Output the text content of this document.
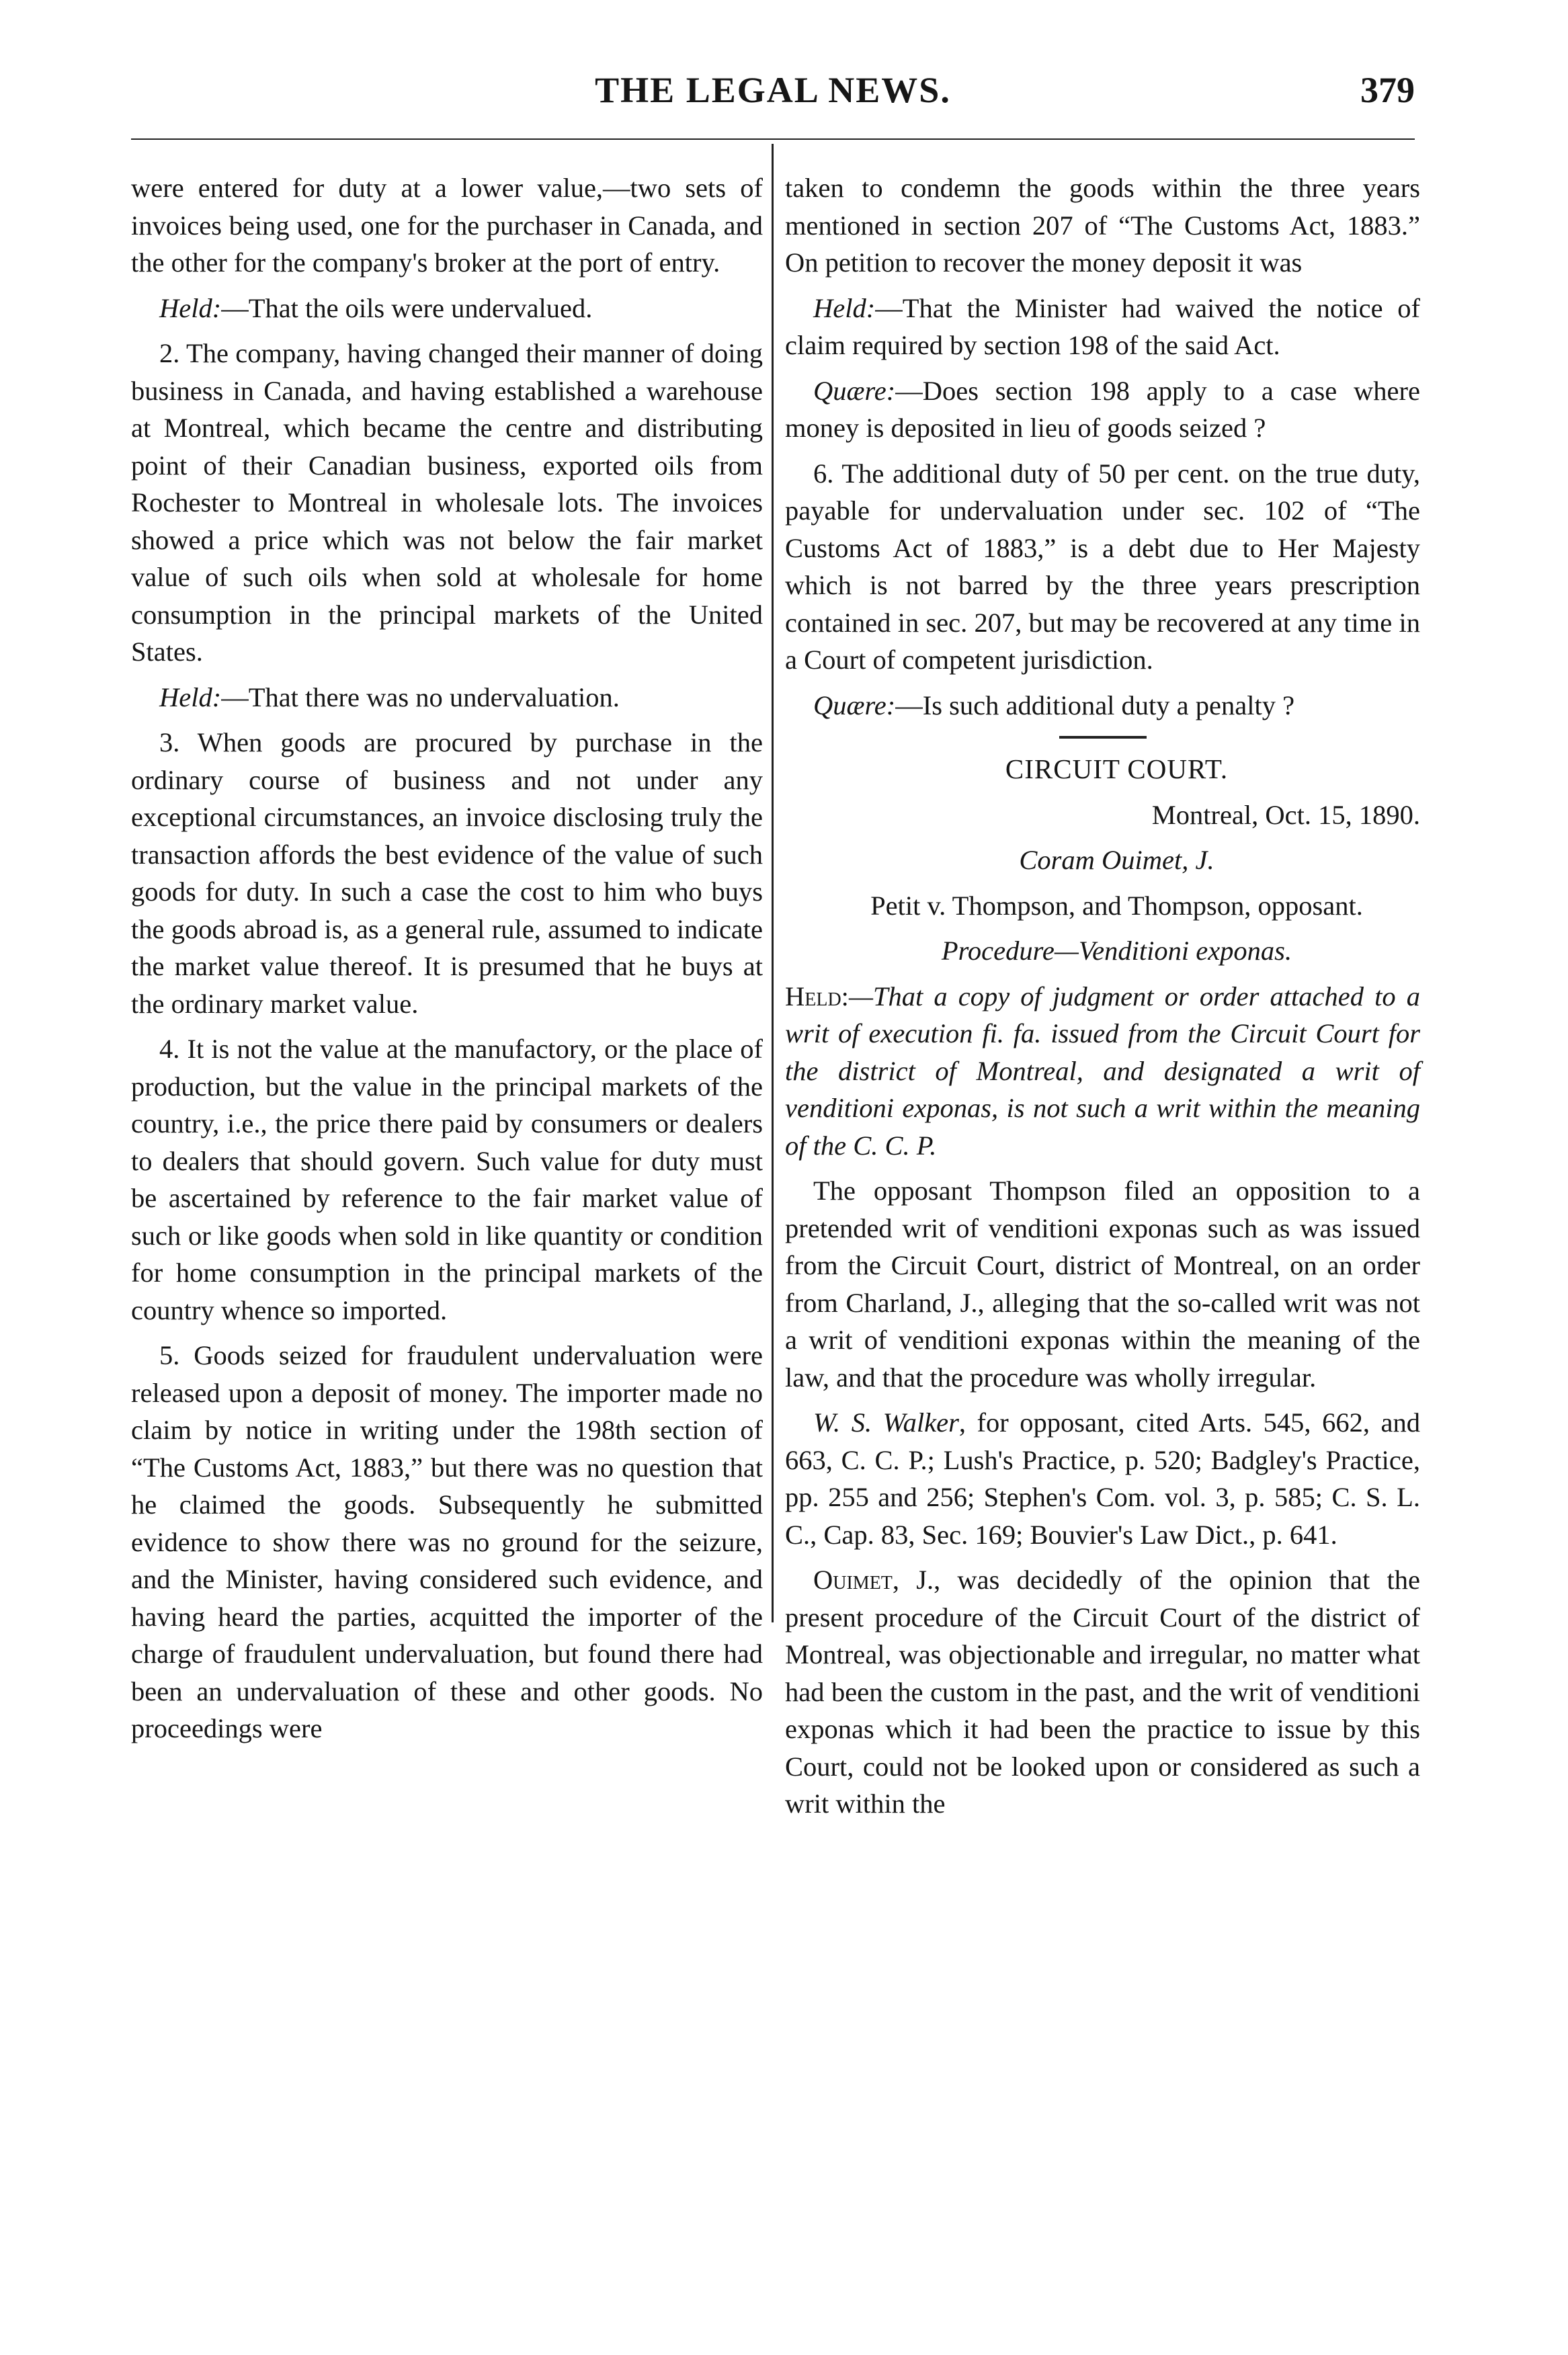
THE LEGAL NEWS.	379

were entered for duty at a lower value,—two sets of invoices being used, one for the purchaser in Canada, and the other for the company's broker at the port of entry.

Held:—That the oils were undervalued.

2. The company, having changed their manner of doing business in Canada, and having established a warehouse at Montreal, which became the centre and distributing point of their Canadian business, exported oils from Rochester to Montreal in wholesale lots. The invoices showed a price which was not below the fair market value of such oils when sold at wholesale for home consumption in the principal markets of the United States.

Held:—That there was no undervaluation.

3. When goods are procured by purchase in the ordinary course of business and not under any exceptional circumstances, an invoice disclosing truly the transaction affords the best evidence of the value of such goods for duty. In such a case the cost to him who buys the goods abroad is, as a general rule, assumed to indicate the market value thereof. It is presumed that he buys at the ordinary market value.

4. It is not the value at the manufactory, or the place of production, but the value in the principal markets of the country, i.e., the price there paid by consumers or dealers to dealers that should govern. Such value for duty must be ascertained by reference to the fair market value of such or like goods when sold in like quantity or condition for home consumption in the principal markets of the country whence so imported.

5. Goods seized for fraudulent undervaluation were released upon a deposit of money. The importer made no claim by notice in writing under the 198th section of “The Customs Act, 1883,” but there was no question that he claimed the goods. Subsequently he submitted evidence to show there was no ground for the seizure, and the Minister, having considered such evidence, and having heard the parties, acquitted the importer of the charge of fraudulent undervaluation, but found there had been an undervaluation of these and other goods. No proceedings were

taken to condemn the goods within the three years mentioned in section 207 of “The Customs Act, 1883.” On petition to recover the money deposit it was

Held:—That the Minister had waived the notice of claim required by section 198 of the said Act.

Quære:—Does section 198 apply to a case where money is deposited in lieu of goods seized ?

6. The additional duty of 50 per cent. on the true duty, payable for undervaluation under sec. 102 of “The Customs Act of 1883,” is a debt due to Her Majesty which is not barred by the three years prescription contained in sec. 207, but may be recovered at any time in a Court of competent jurisdiction.

Quære:—Is such additional duty a penalty ?

CIRCUIT COURT.

Montreal, Oct. 15, 1890.

Coram Ouimet, J.

Petit v. Thompson, and Thompson, opposant.

Procedure—Venditioni exponas.

Held:—That a copy of judgment or order attached to a writ of execution fi. fa. issued from the Circuit Court for the district of Montreal, and designated a writ of venditioni exponas, is not such a writ within the meaning of the C. C. P.

The opposant Thompson filed an opposition to a pretended writ of venditioni exponas such as was issued from the Circuit Court, district of Montreal, on an order from Charland, J., alleging that the so-called writ was not a writ of venditioni exponas within the meaning of the law, and that the procedure was wholly irregular.

W. S. Walker, for opposant, cited Arts. 545, 662, and 663, C. C. P.; Lush's Practice, p. 520; Badgley's Practice, pp. 255 and 256; Stephen's Com. vol. 3, p. 585; C. S. L. C., Cap. 83, Sec. 169; Bouvier's Law Dict., p. 641.

Ouimet, J., was decidedly of the opinion that the present procedure of the Circuit Court of the district of Montreal, was objectionable and irregular, no matter what had been the custom in the past, and the writ of venditioni exponas which it had been the practice to issue by this Court, could not be looked upon or considered as such a writ within the
